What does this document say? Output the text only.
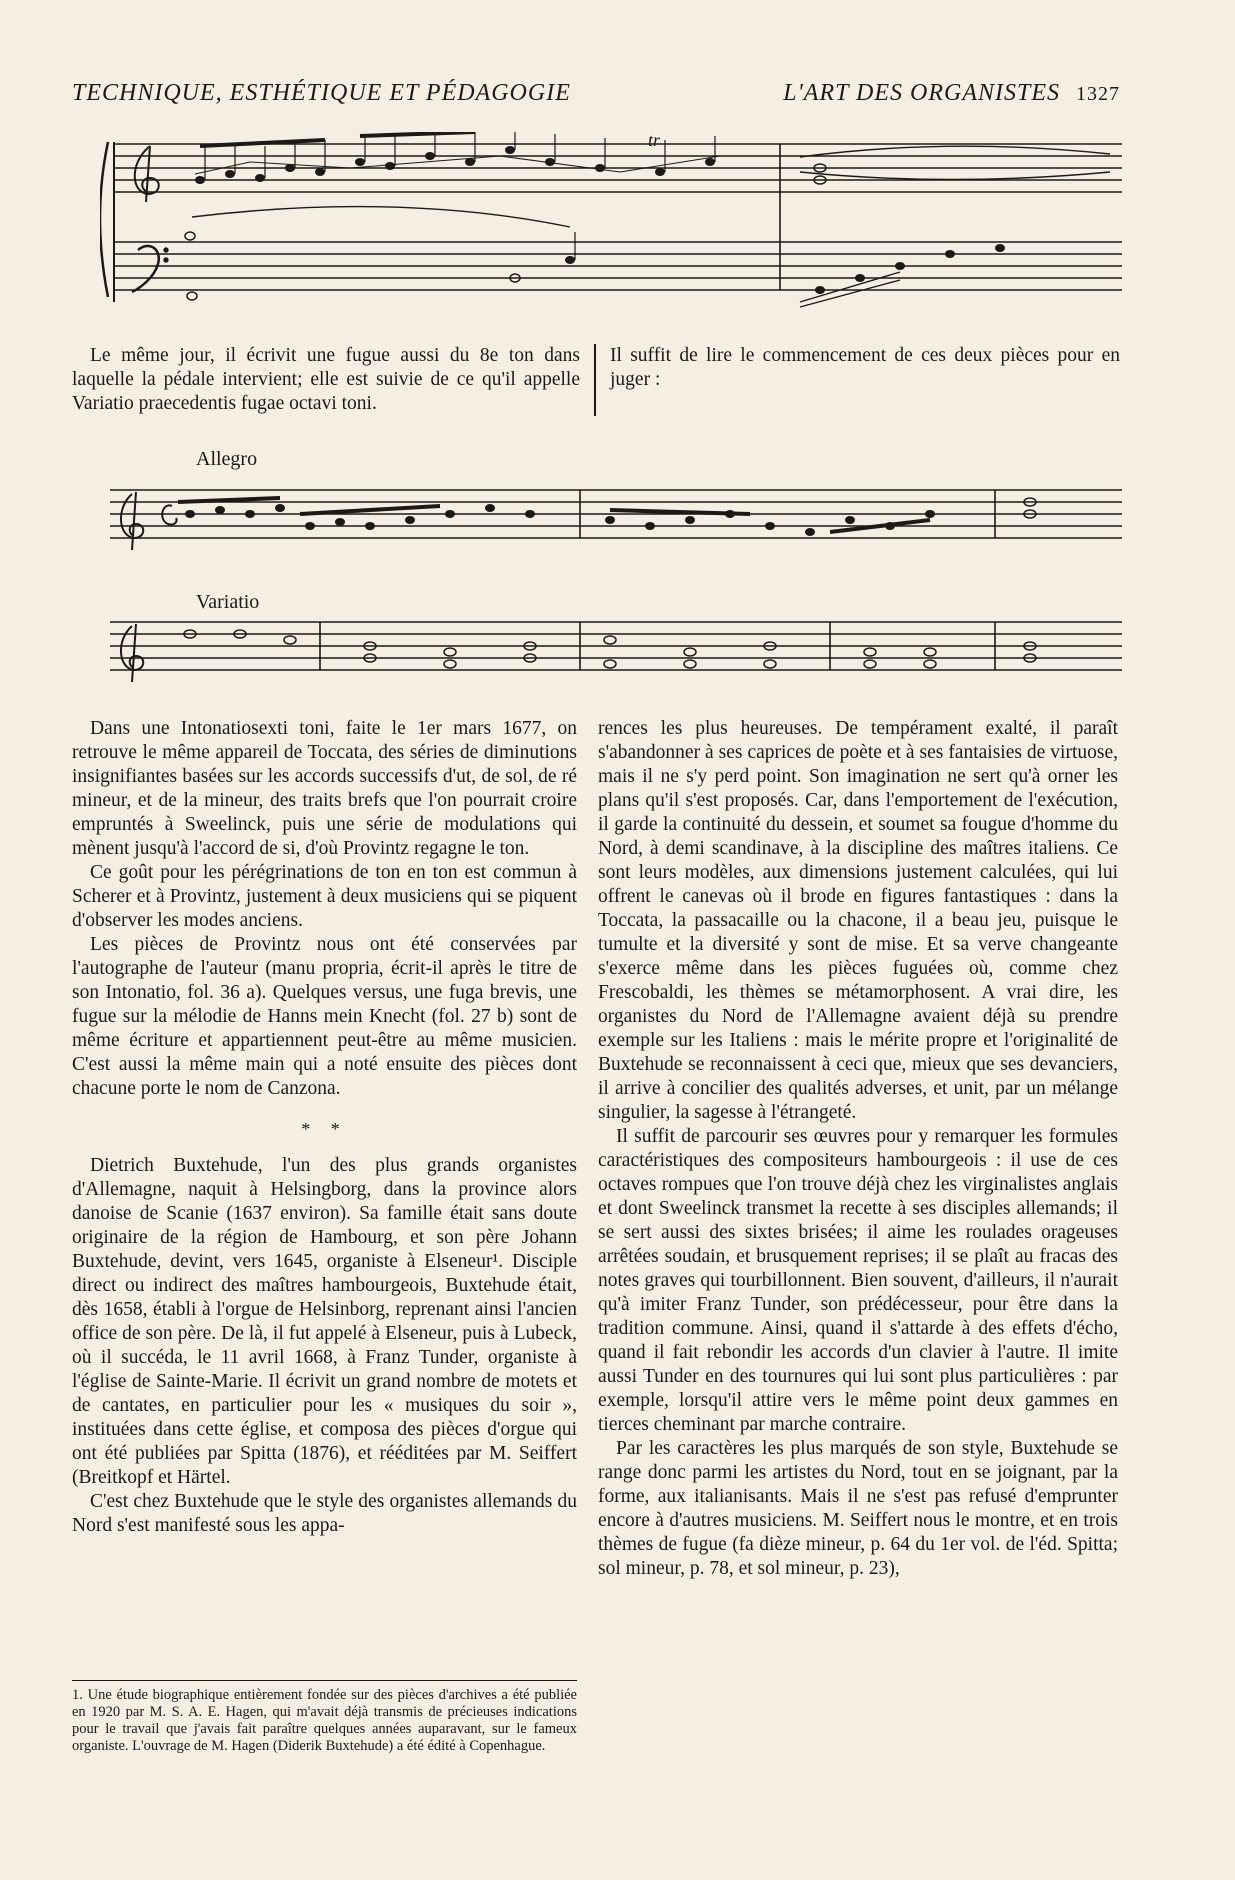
TECHNIQUE, ESTHÉTIQUE ET PÉDAGOGIE	L'ART DES ORGANISTES 1327
tr

Le même jour, il écrivit une fugue aussi du 8e ton dans laquelle la pédale intervient; elle est suivie de ce qu'il appelle Variatio praecedentis fugae octavi toni.

Il suffit de lire le commencement de ces deux pièces pour en juger :

Allegro
Variatio

Dans une Intonatiosexti toni, faite le 1er mars 1677, on retrouve le même appareil de Toccata, des séries de diminutions insignifiantes basées sur les accords successifs d'ut, de sol, de ré mineur, et de la mineur, des traits brefs que l'on pourrait croire empruntés à Sweelinck, puis une série de modulations qui mènent jusqu'à l'accord de si, d'où Provintz regagne le ton.

Ce goût pour les pérégrinations de ton en ton est commun à Scherer et à Provintz, justement à deux musiciens qui se piquent d'observer les modes anciens.

Les pièces de Provintz nous ont été conservées par l'autographe de l'auteur (manu propria, écrit-il après le titre de son Intonatio, fol. 36 a). Quelques versus, une fuga brevis, une fugue sur la mélodie de Hanns mein Knecht (fol. 27 b) sont de même écriture et appartiennent peut-être au même musicien. C'est aussi la même main qui a noté ensuite des pièces dont chacune porte le nom de Canzona.

* *

Dietrich Buxtehude, l'un des plus grands organistes d'Allemagne, naquit à Helsingborg, dans la province alors danoise de Scanie (1637 environ). Sa famille était sans doute originaire de la région de Hambourg, et son père Johann Buxtehude, devint, vers 1645, organiste à Elseneur¹. Disciple direct ou indirect des maîtres hambourgeois, Buxtehude était, dès 1658, établi à l'orgue de Helsinborg, reprenant ainsi l'ancien office de son père. De là, il fut appelé à Elseneur, puis à Lubeck, où il succéda, le 11 avril 1668, à Franz Tunder, organiste à l'église de Sainte-Marie. Il écrivit un grand nombre de motets et de cantates, en particulier pour les « musiques du soir », instituées dans cette église, et composa des pièces d'orgue qui ont été publiées par Spitta (1876), et rééditées par M. Seiffert (Breitkopf et Härtel.

C'est chez Buxtehude que le style des organistes allemands du Nord s'est manifesté sous les appa-

rences les plus heureuses. De tempérament exalté, il paraît s'abandonner à ses caprices de poète et à ses fantaisies de virtuose, mais il ne s'y perd point. Son imagination ne sert qu'à orner les plans qu'il s'est proposés. Car, dans l'emportement de l'exécution, il garde la continuité du dessein, et soumet sa fougue d'homme du Nord, à demi scandinave, à la discipline des maîtres italiens. Ce sont leurs modèles, aux dimensions justement calculées, qui lui offrent le canevas où il brode en figures fantastiques : dans la Toccata, la passacaille ou la chacone, il a beau jeu, puisque le tumulte et la diversité y sont de mise. Et sa verve changeante s'exerce même dans les pièces fuguées où, comme chez Frescobaldi, les thèmes se métamorphosent. A vrai dire, les organistes du Nord de l'Allemagne avaient déjà su prendre exemple sur les Italiens : mais le mérite propre et l'originalité de Buxtehude se reconnaissent à ceci que, mieux que ses devanciers, il arrive à concilier des qualités adverses, et unit, par un mélange singulier, la sagesse à l'étrangeté.

Il suffit de parcourir ses œuvres pour y remarquer les formules caractéristiques des compositeurs hambourgeois : il use de ces octaves rompues que l'on trouve déjà chez les virginalistes anglais et dont Sweelinck transmet la recette à ses disciples allemands; il se sert aussi des sixtes brisées; il aime les roulades orageuses arrêtées soudain, et brusquement reprises; il se plaît au fracas des notes graves qui tourbillonnent. Bien souvent, d'ailleurs, il n'aurait qu'à imiter Franz Tunder, son prédécesseur, pour être dans la tradition commune. Ainsi, quand il s'attarde à des effets d'écho, quand il fait rebondir les accords d'un clavier à l'autre. Il imite aussi Tunder en des tournures qui lui sont plus particulières : par exemple, lorsqu'il attire vers le même point deux gammes en tierces cheminant par marche contraire.

Par les caractères les plus marqués de son style, Buxtehude se range donc parmi les artistes du Nord, tout en se joignant, par la forme, aux italianisants. Mais il ne s'est pas refusé d'emprunter encore à d'autres musiciens. M. Seiffert nous le montre, et en trois thèmes de fugue (fa dièze mineur, p. 64 du 1er vol. de l'éd. Spitta; sol mineur, p. 78, et sol mineur, p. 23),

1. Une étude biographique entièrement fondée sur des pièces d'archives a été publiée en 1920 par M. S. A. E. Hagen, qui m'avait déjà transmis de précieuses indications pour le travail que j'avais fait paraître quelques années auparavant, sur le fameux organiste. L'ouvrage de M. Hagen (Diderik Buxtehude) a été édité à Copenhague.
